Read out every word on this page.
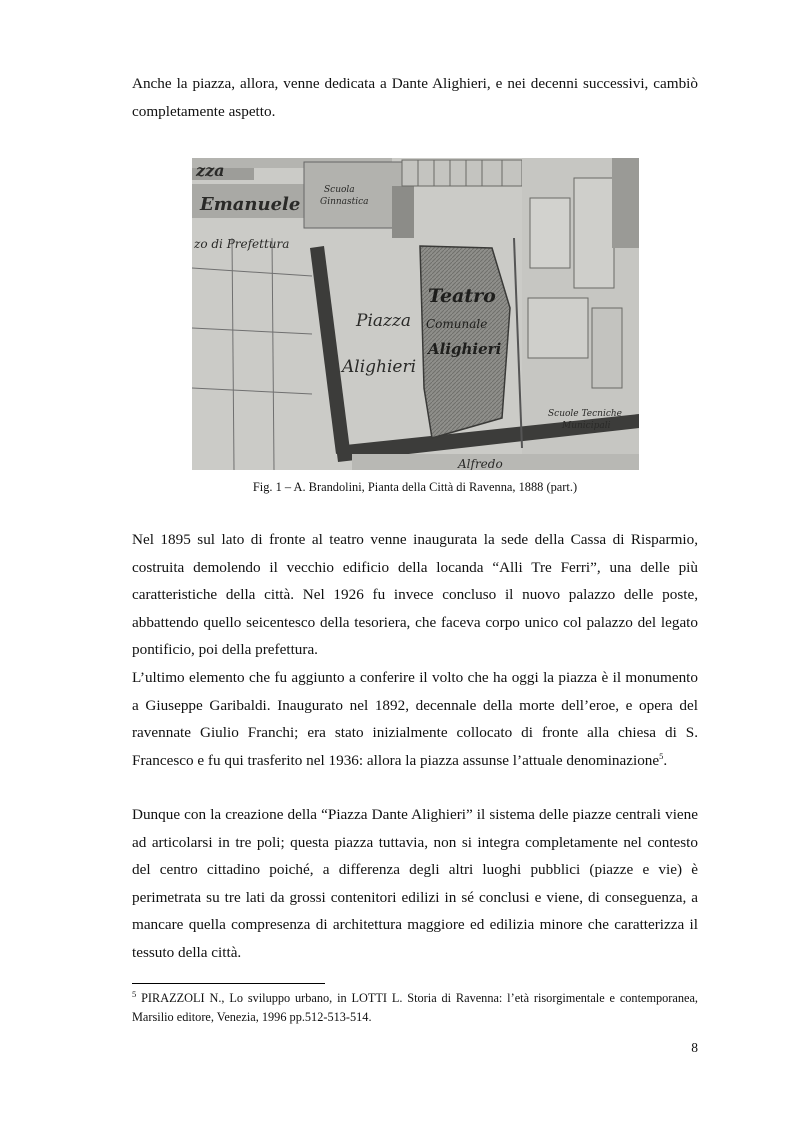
Anche la piazza, allora, venne dedicata a Dante Alighieri, e nei decenni successivi, cambiò completamente aspetto.

zza
Emanuele
zo di Prefettura
Scuola
Ginnastica
Teatro
Comunale
Alighieri
Piazza
Alighieri
Scuole Tecniche
Municipali
Alfredo

Fig. 1 – A. Brandolini, Pianta della Città di Ravenna, 1888 (part.)

Nel 1895 sul lato di fronte al teatro venne inaugurata la sede della Cassa di Risparmio, costruita demolendo il vecchio edificio della locanda “Alli Tre Ferri”, una delle più caratteristiche della città. Nel 1926 fu invece concluso il nuovo palazzo delle poste, abbattendo quello seicentesco della tesoriera, che faceva corpo unico col palazzo del legato pontificio, poi della prefettura.

L’ultimo elemento che fu aggiunto a conferire il volto che ha oggi la piazza è il monumento a Giuseppe Garibaldi. Inaugurato nel 1892, decennale della morte dell’eroe, e opera del ravennate Giulio Franchi; era stato inizialmente collocato di fronte alla chiesa di S. Francesco e fu qui trasferito nel 1936: allora la piazza assunse l’attuale denominazione$^5$.

Dunque con la creazione della “Piazza Dante Alighieri” il sistema delle piazze centrali viene ad articolarsi in tre poli; questa piazza tuttavia, non si integra completamente nel contesto del centro cittadino poiché, a differenza degli altri luoghi pubblici (piazze e vie) è perimetrata su tre lati da grossi contenitori edilizi in sé conclusi e viene, di conseguenza, a mancare quella compresenza di architettura maggiore ed edilizia minore che caratterizza il tessuto della città.

$^5$ PIRAZZOLI N., Lo sviluppo urbano, in LOTTI L. Storia di Ravenna: l’età risorgimentale e contemporanea, Marsilio editore, Venezia, 1996 pp.512-513-514.

8
